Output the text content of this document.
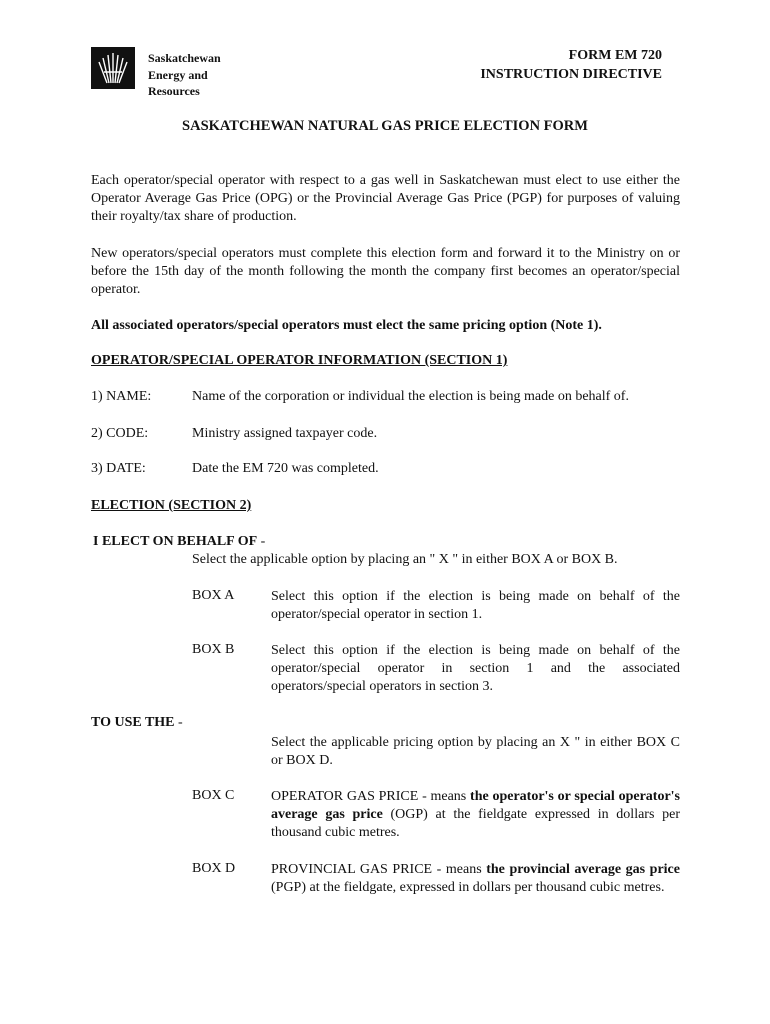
Saskatchewan
Energy and
Resources
FORM EM 720
INSTRUCTION DIRECTIVE
SASKATCHEWAN NATURAL GAS PRICE ELECTION FORM
Each operator/special operator with respect to a gas well in Saskatchewan must elect to use either the Operator Average Gas Price (OPG) or the Provincial Average Gas Price (PGP) for purposes of valuing their royalty/tax share of production.
New operators/special operators must complete this election form and forward it to the Ministry on or before the 15th day of the month following the month the company first becomes an operator/special operator.
All associated operators/special operators must elect the same pricing option (Note 1).
OPERATOR/SPECIAL OPERATOR INFORMATION (SECTION 1)
1) NAME:	Name of the corporation or individual the election is being made on behalf of.
2) CODE:	Ministry assigned taxpayer code.
3) DATE:	Date the EM 720 was completed.
ELECTION (SECTION 2)
I ELECT ON BEHALF OF -
Select the applicable option by placing an " X " in either BOX A or BOX B.
BOX A	Select this option if the election is being made on behalf of the operator/special operator in section 1.
BOX B	Select this option if the election is being made on behalf of the operator/special operator in section 1 and the associated operators/special operators in section 3.
TO USE THE -
Select the applicable pricing option by placing an X " in either BOX C or BOX D.
BOX C	OPERATOR GAS PRICE - means the operator's or special operator's average gas price (OGP) at the fieldgate expressed in dollars per thousand cubic metres.
BOX D	PROVINCIAL GAS PRICE - means the provincial average gas price (PGP) at the fieldgate, expressed in dollars per thousand cubic metres.
